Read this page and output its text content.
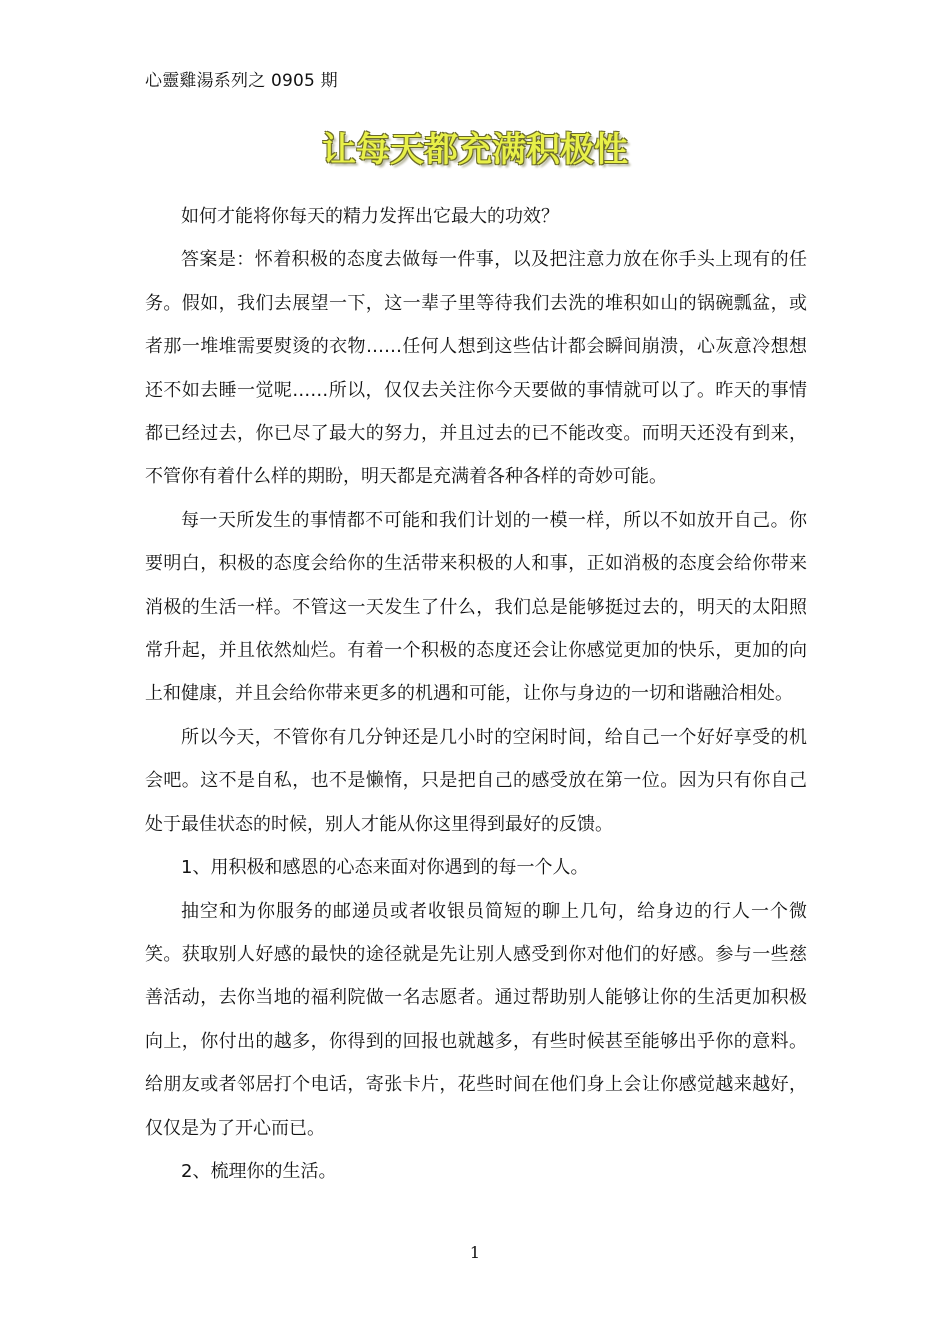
心靈雞湯系列之 0905 期
让每天都充满积极性

如何才能将你每天的精力发挥出它最大的功效？

答案是：怀着积极的态度去做每一件事，以及把注意力放在你手头上现有的任务。假如，我们去展望一下，这一辈子里等待我们去洗的堆积如山的锅碗瓢盆，或者那一堆堆需要熨烫的衣物……任何人想到这些估计都会瞬间崩溃，心灰意冷想想还不如去睡一觉呢……所以，仅仅去关注你今天要做的事情就可以了。昨天的事情都已经过去，你已尽了最大的努力，并且过去的已不能改变。而明天还没有到来，不管你有着什么样的期盼，明天都是充满着各种各样的奇妙可能。

每一天所发生的事情都不可能和我们计划的一模一样，所以不如放开自己。你要明白，积极的态度会给你的生活带来积极的人和事，正如消极的态度会给你带来消极的生活一样。不管这一天发生了什么，我们总是能够挺过去的，明天的太阳照常升起，并且依然灿烂。有着一个积极的态度还会让你感觉更加的快乐，更加的向上和健康，并且会给你带来更多的机遇和可能，让你与身边的一切和谐融洽相处。

所以今天，不管你有几分钟还是几小时的空闲时间，给自己一个好好享受的机会吧。这不是自私，也不是懒惰，只是把自己的感受放在第一位。因为只有你自己处于最佳状态的时候，别人才能从你这里得到最好的反馈。

1、用积极和感恩的心态来面对你遇到的每一个人。

抽空和为你服务的邮递员或者收银员简短的聊上几句，给身边的行人一个微笑。获取别人好感的最快的途径就是先让别人感受到你对他们的好感。参与一些慈善活动，去你当地的福利院做一名志愿者。通过帮助别人能够让你的生活更加积极向上，你付出的越多，你得到的回报也就越多，有些时候甚至能够出乎你的意料。给朋友或者邻居打个电话，寄张卡片，花些时间在他们身上会让你感觉越来越好，仅仅是为了开心而已。

2、梳理你的生活。

1
